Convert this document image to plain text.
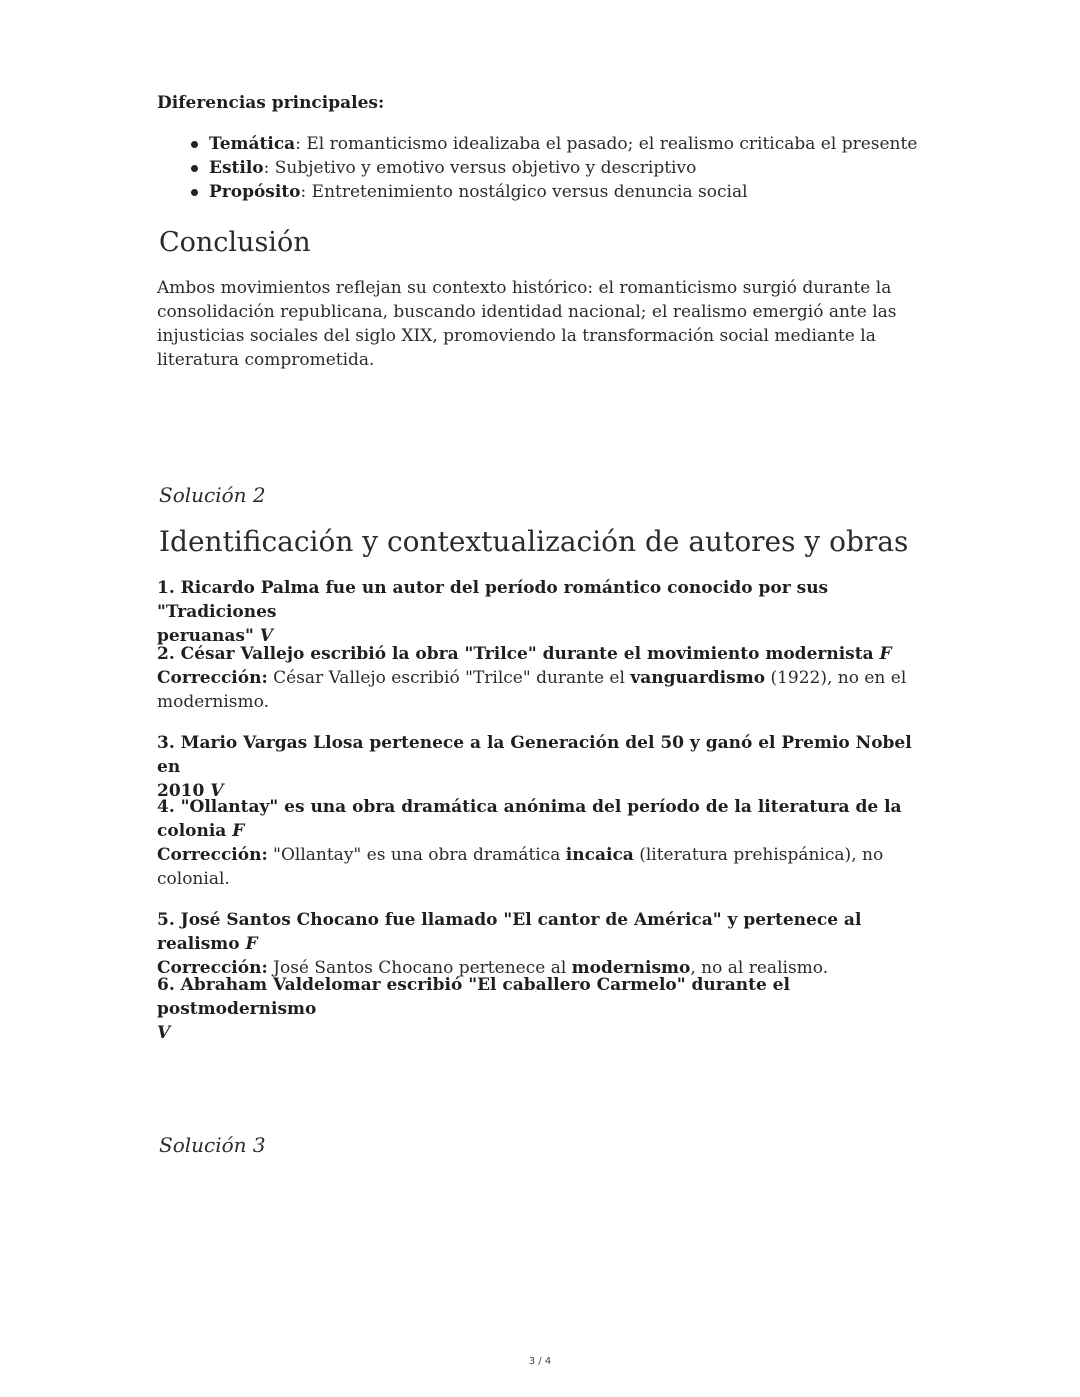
Diferencias principales:
Temática: El romanticismo idealizaba el pasado; el realismo criticaba el presente
Estilo: Subjetivo y emotivo versus objetivo y descriptivo
Propósito: Entretenimiento nostálgico versus denuncia social
Conclusión
Ambos movimientos reflejan su contexto histórico: el romanticismo surgió durante la
consolidación republicana, buscando identidad nacional; el realismo emergió ante las
injusticias sociales del siglo XIX, promoviendo la transformación social mediante la
literatura comprometida.
Solución 2
Identificación y contextualización de autores y obras
1. Ricardo Palma fue un autor del período romántico conocido por sus "Tradiciones
peruanas" V
2. César Vallejo escribió la obra "Trilce" durante el movimiento modernista F
Corrección: César Vallejo escribió "Trilce" durante el vanguardismo (1922), no en el
modernismo.
3. Mario Vargas Llosa pertenece a la Generación del 50 y ganó el Premio Nobel en
2010 V
4. "Ollantay" es una obra dramática anónima del período de la literatura de la
colonia F
Corrección: "Ollantay" es una obra dramática incaica (literatura prehispánica), no
colonial.
5. José Santos Chocano fue llamado "El cantor de América" y pertenece al realismo F
Corrección: José Santos Chocano pertenece al modernismo, no al realismo.
6. Abraham Valdelomar escribió "El caballero Carmelo" durante el postmodernismo
V
Solución 3
3 / 4
